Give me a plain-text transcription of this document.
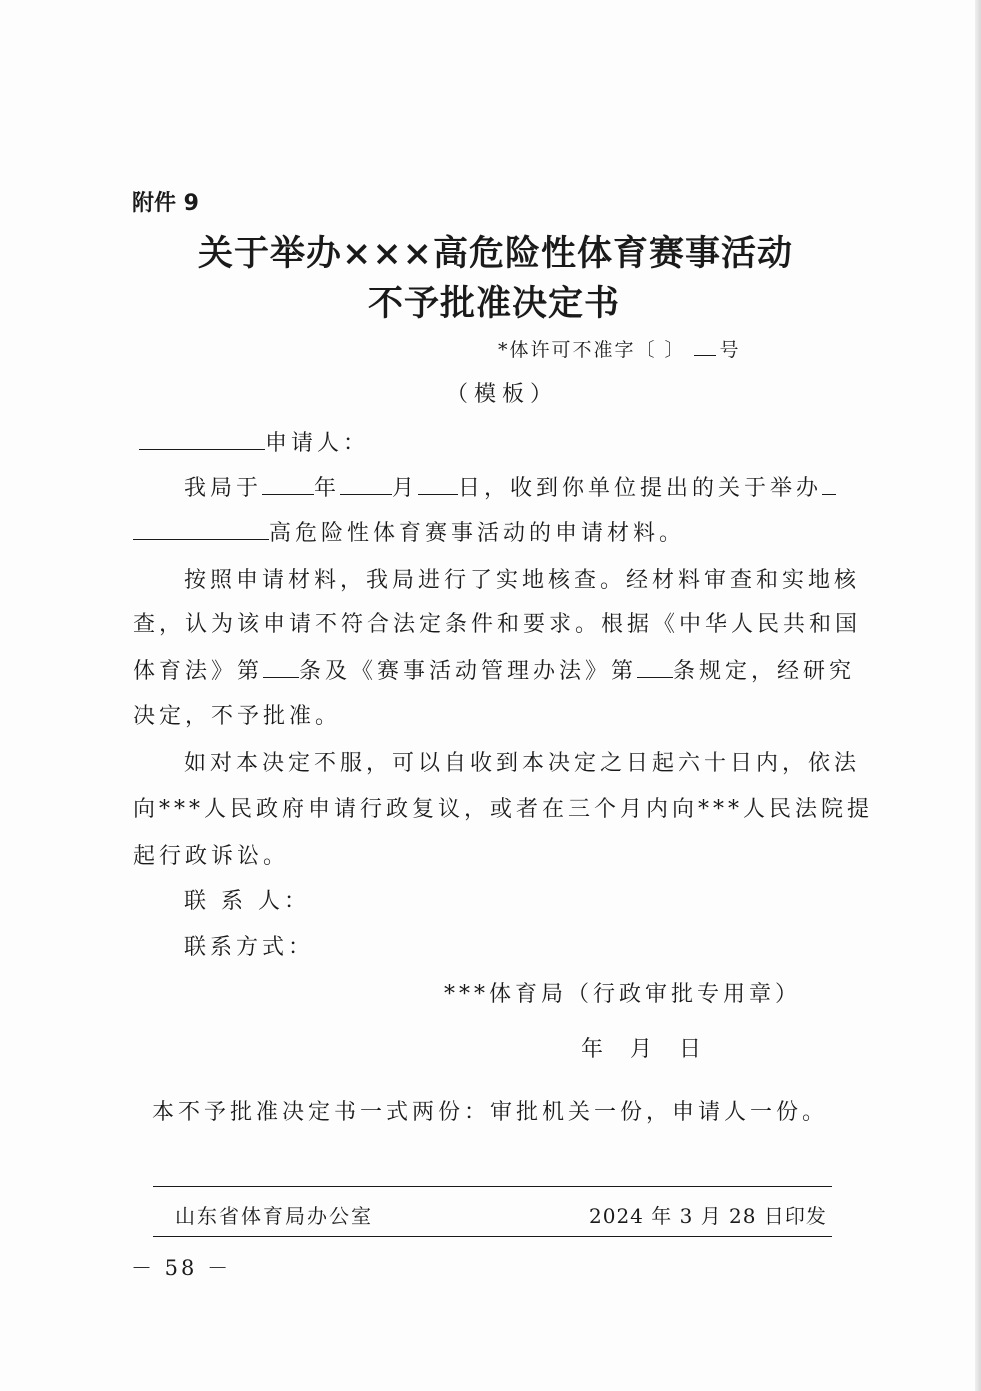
附件 9
关于举办×××高危险性体育赛事活动
不予批准决定书
*体许可不准字〔 〕 号
（模板）
申请人：
我局于 年 月 日，收到你单位提出的关于举办
高危险性体育赛事活动的申请材料。
按照申请材料，我局进行了实地核查。经材料审查和实地核
查，认为该申请不符合法定条件和要求。根据《中华人民共和国
体育法》第 条及《赛事活动管理办法》第 条规定，经研究
决定，不予批准。
如对本决定不服，可以自收到本决定之日起六十日内，依法
向***人民政府申请行政复议，或者在三个月内向***人民法院提
起行政诉讼。
联 系 人：
联系方式：
***体育局（行政审批专用章）
年 月 日
本不予批准决定书一式两份：审批机关一份，申请人一份。
山东省体育局办公室	2024 年 3 月 28 日印发
－ 58 －
